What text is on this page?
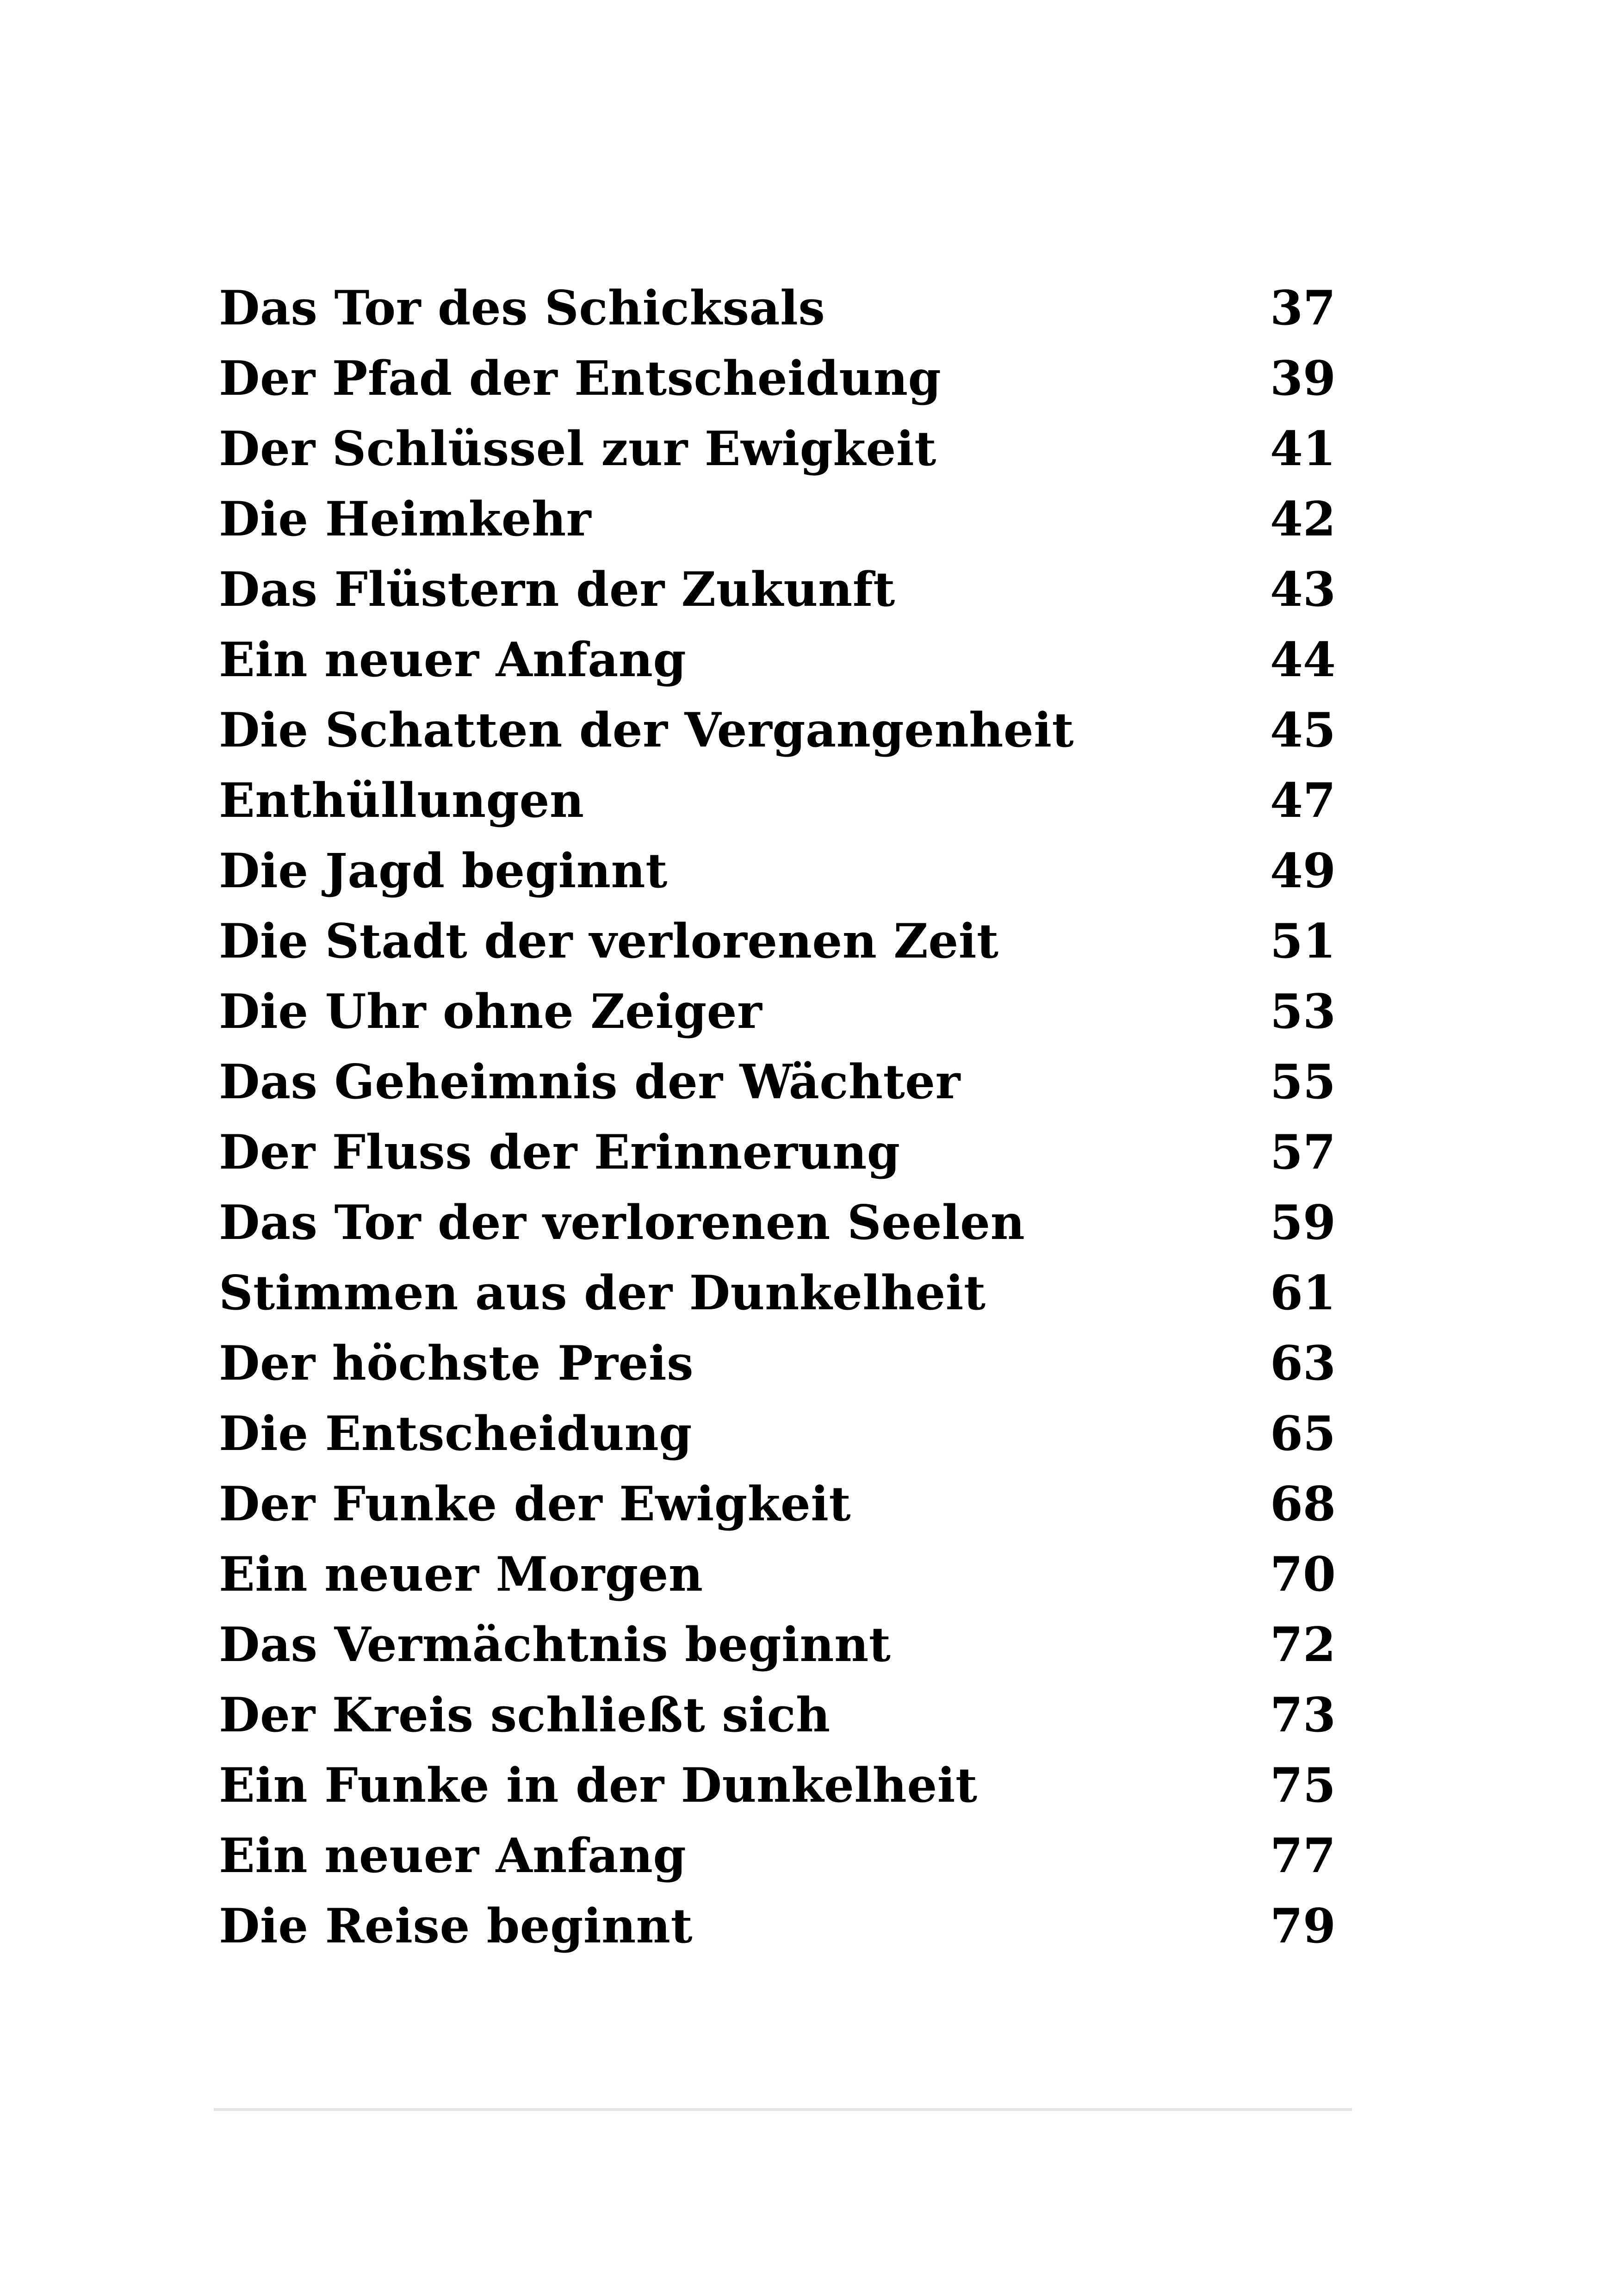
Das Tor des Schicksals	37
Der Pfad der Entscheidung	39
Der Schlüssel zur Ewigkeit	41
Die Heimkehr	42
Das Flüstern der Zukunft	43
Ein neuer Anfang	44
Die Schatten der Vergangenheit	45
Enthüllungen	47
Die Jagd beginnt	49
Die Stadt der verlorenen Zeit	51
Die Uhr ohne Zeiger	53
Das Geheimnis der Wächter	55
Der Fluss der Erinnerung	57
Das Tor der verlorenen Seelen	59
Stimmen aus der Dunkelheit	61
Der höchste Preis	63
Die Entscheidung	65
Der Funke der Ewigkeit	68
Ein neuer Morgen	70
Das Vermächtnis beginnt	72
Der Kreis schließt sich	73
Ein Funke in der Dunkelheit	75
Ein neuer Anfang	77
Die Reise beginnt	79
